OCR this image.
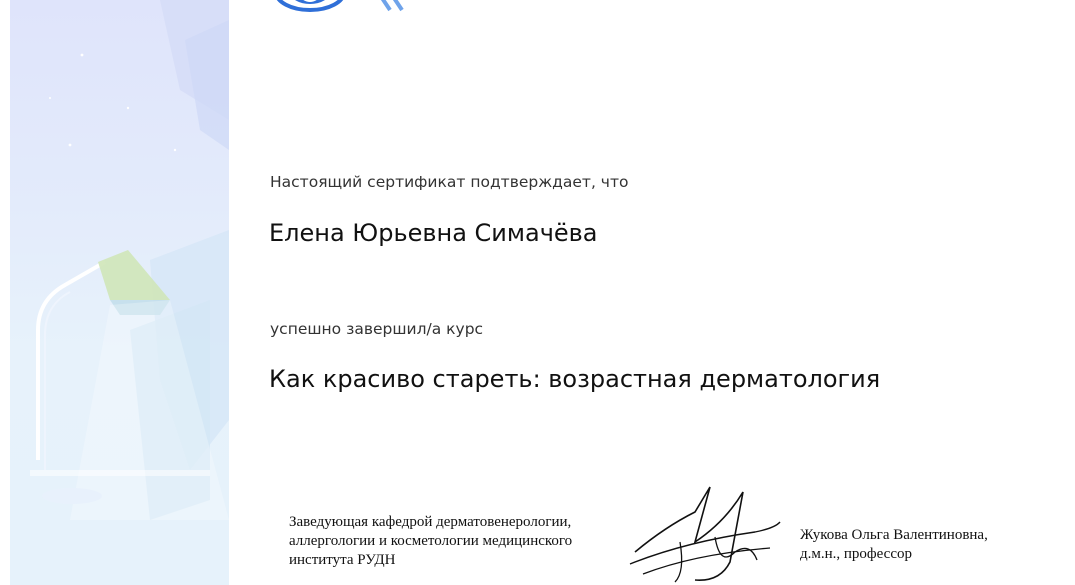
Настоящий сертификат подтверждает, что
Елена Юрьевна Симачёва
успешно завершил/а курс
Как красиво стареть: возрастная дерматология
Заведующая кафедрой дерматовенерологии,
аллергологии и косметологии медицинского
института РУДН
Жукова Ольга Валентиновна,
д.м.н., профессор
